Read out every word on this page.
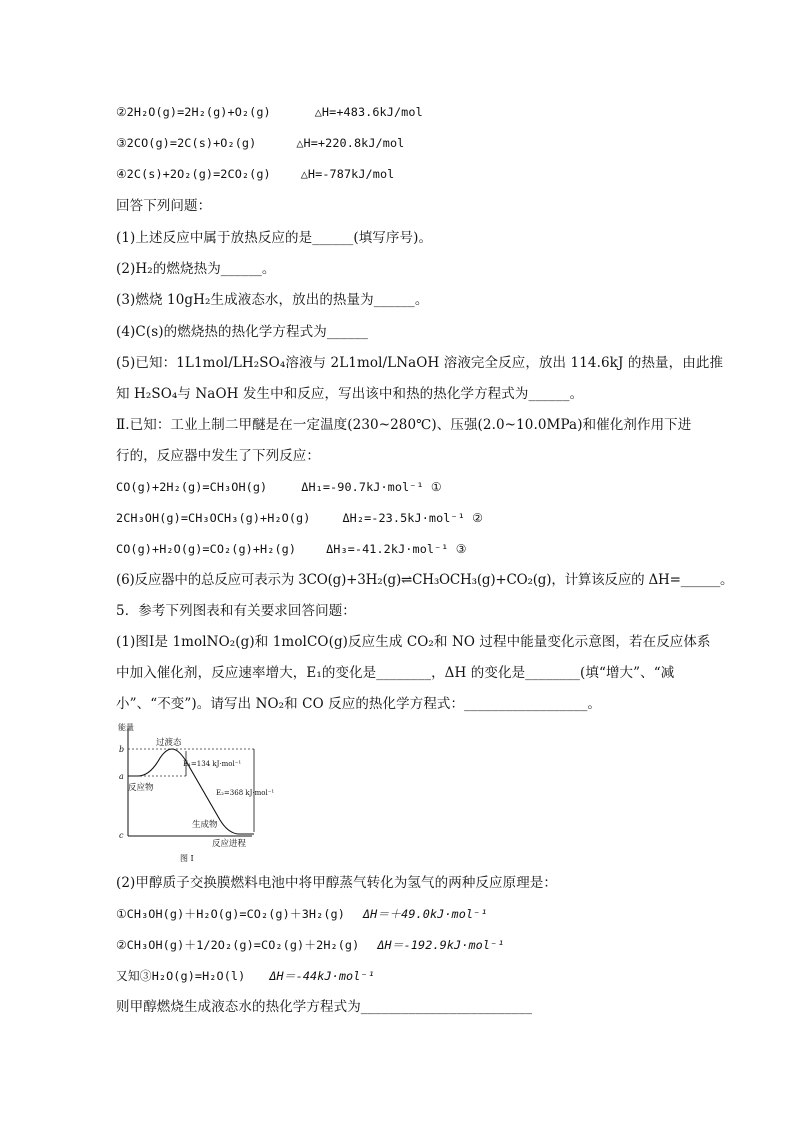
②2H₂O(g)=2H₂(g)+O₂(g)	△H=+483.6kJ/mol
③2CO(g)=2C(s)+O₂(g)	△H=+220.8kJ/mol
④2C(s)+2O₂(g)=2CO₂(g)	△H=-787kJ/mol
回答下列问题：
(1)上述反应中属于放热反应的是______(填写序号)。
(2)H₂的燃烧热为______。
(3)燃烧 10gH₂生成液态水，放出的热量为______。
(4)C(s)的燃烧热的热化学方程式为______
(5)已知：1L1mol/LH₂SO₄溶液与 2L1mol/LNaOH 溶液完全反应，放出 114.6kJ 的热量，由此推
知 H₂SO₄与 NaOH 发生中和反应，写出该中和热的热化学方程式为______。
Ⅱ.已知：工业上制二甲醚是在一定温度(230~280℃)、压强(2.0~10.0MPa)和催化剂作用下进
行的，反应器中发生了下列反应：
CO(g)+2H₂(g)=CH₃OH(g)	ΔH₁=-90.7kJ·mol⁻¹ ①
2CH₃OH(g)=CH₃OCH₃(g)+H₂O(g)	ΔH₂=-23.5kJ·mol⁻¹ ②
CO(g)+H₂O(g)=CO₂(g)+H₂(g)	ΔH₃=-41.2kJ·mol⁻¹ ③
(6)反应器中的总反应可表示为 3CO(g)+3H₂(g)⇌CH₃OCH₃(g)+CO₂(g)，计算该反应的 ΔH=______。
5．参考下列图表和有关要求回答问题：
(1)图Ⅰ是 1molNO₂(g)和 1molCO(g)反应生成 CO₂和 NO 过程中能量变化示意图，若在反应体系
中加入催化剂，反应速率增大，E₁的变化是________，ΔH 的变化是________(填“增大”、“减
小”、“不变”)。请写出 NO₂和 CO 反应的热化学方程式：__________________。
能量
b
a
c
过渡态
E₁=134 kJ·mol⁻¹
E₂=368 kJ·mol⁻¹
反应物
生成物
反应进程
图 Ⅰ
(2)甲醇质子交换膜燃料电池中将甲醇蒸气转化为氢气的两种反应原理是：
①CH₃OH(g)＋H₂O(g)=CO₂(g)＋3H₂(g) ΔH＝＋49.0kJ·mol⁻¹
②CH₃OH(g)＋1/2O₂(g)=CO₂(g)＋2H₂(g) ΔH＝-192.9kJ·mol⁻¹
又知③H₂O(g)=H₂O(l) ΔH＝-44kJ·mol⁻¹
则甲醇燃烧生成液态水的热化学方程式为_________________________
